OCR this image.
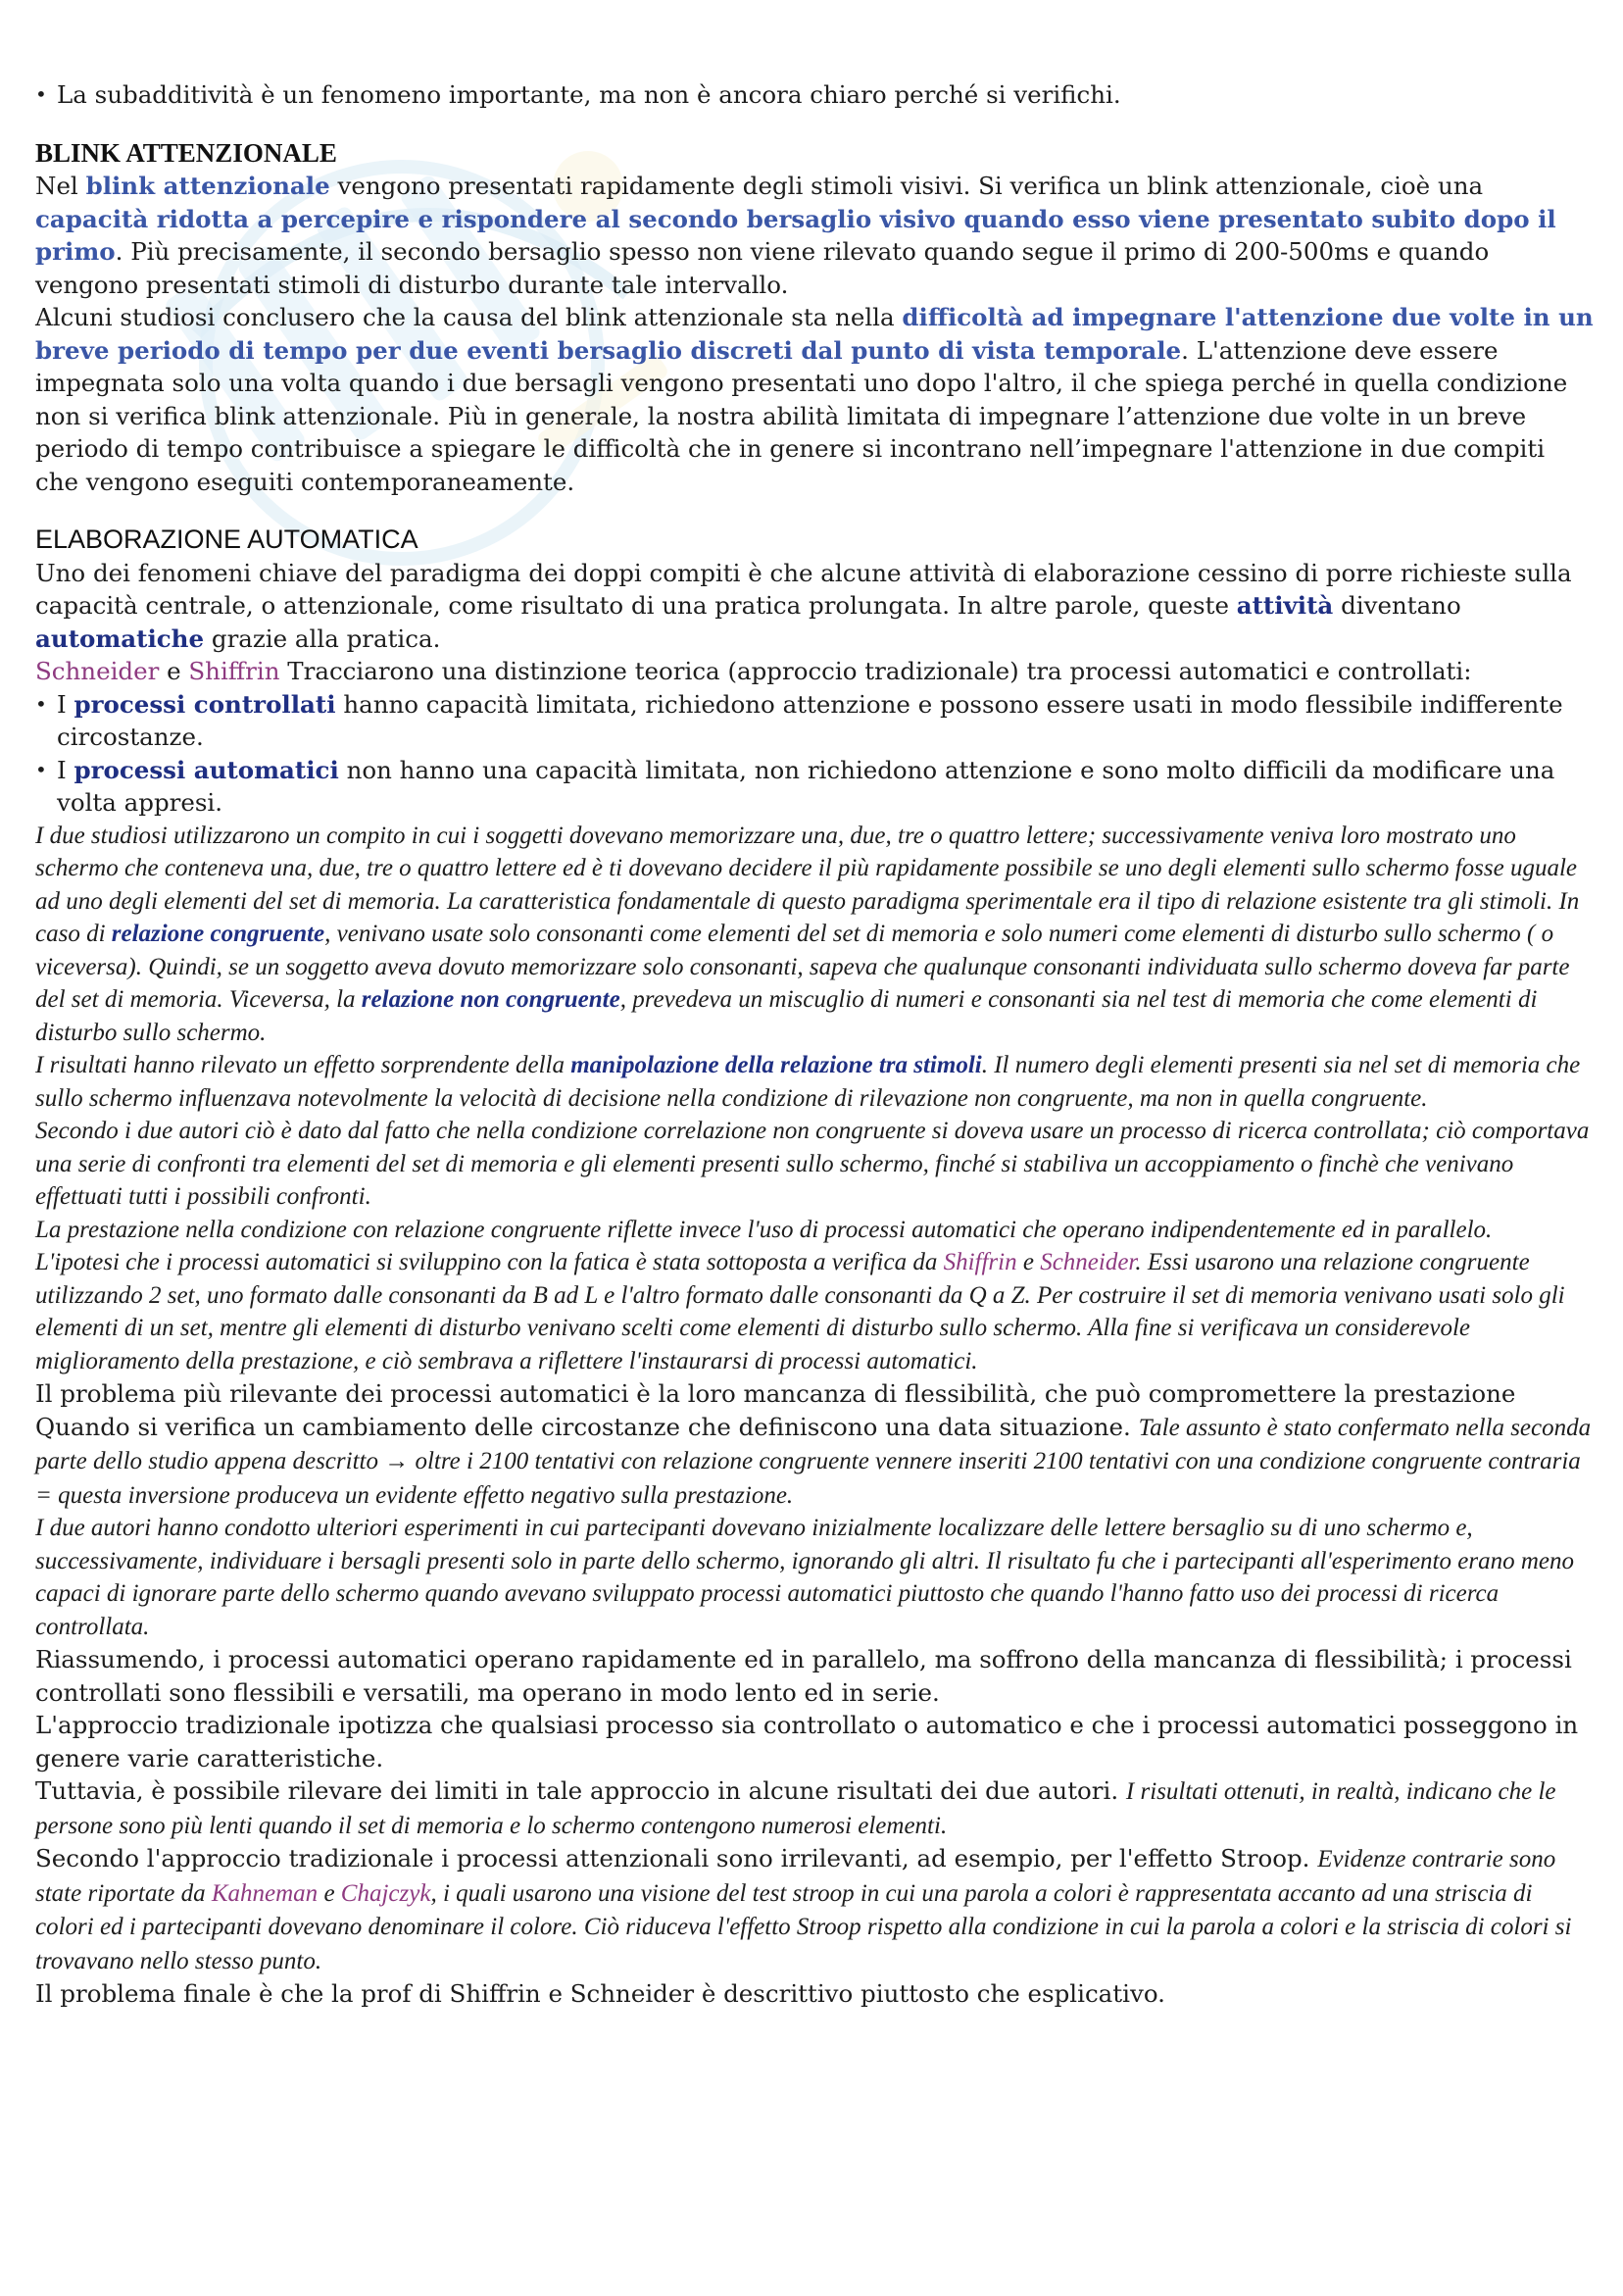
• La subadditività è un fenomeno importante, ma non è ancora chiaro perché si verifichi.
BLINK ATTENZIONALE

Nel blink attenzionale vengono presentati rapidamente degli stimoli visivi. Si verifica un blink attenzionale, cioè una capacità ridotta a percepire e rispondere al secondo bersaglio visivo quando esso viene presentato subito dopo il primo. Più precisamente, il secondo bersaglio spesso non viene rilevato quando segue il primo di 200-500ms e quando vengono presentati stimoli di disturbo durante tale intervallo.

Alcuni studiosi conclusero che la causa del blink attenzionale sta nella difficoltà ad impegnare l'attenzione due volte in un breve periodo di tempo per due eventi bersaglio discreti dal punto di vista temporale. L'attenzione deve essere impegnata solo una volta quando i due bersagli vengono presentati uno dopo l'altro, il che spiega perché in quella condizione non si verifica blink attenzionale. Più in generale, la nostra abilità limitata di impegnare l’attenzione due volte in un breve periodo di tempo contribuisce a spiegare le difficoltà che in genere si incontrano nell’impegnare l'attenzione in due compiti che vengono eseguiti contemporaneamente.

ELABORAZIONE AUTOMATICA

Uno dei fenomeni chiave del paradigma dei doppi compiti è che alcune attività di elaborazione cessino di porre richieste sulla capacità centrale, o attenzionale, come risultato di una pratica prolungata. In altre parole, queste attività diventano automatiche grazie alla pratica.

Schneider e Shiffrin Tracciarono una distinzione teorica (approccio tradizionale) tra processi automatici e controllati:

• I processi controllati hanno capacità limitata, richiedono attenzione e possono essere usati in modo flessibile indifferente circostanze.
• I processi automatici non hanno una capacità limitata, non richiedono attenzione e sono molto difficili da modificare una volta appresi.

I due studiosi utilizzarono un compito in cui i soggetti dovevano memorizzare una, due, tre o quattro lettere; successivamente veniva loro mostrato uno schermo che conteneva una, due, tre o quattro lettere ed è ti dovevano decidere il più rapidamente possibile se uno degli elementi sullo schermo fosse uguale ad uno degli elementi del set di memoria. La caratteristica fondamentale di questo paradigma sperimentale era il tipo di relazione esistente tra gli stimoli. In caso di relazione congruente, venivano usate solo consonanti come elementi del set di memoria e solo numeri come elementi di disturbo sullo schermo ( o viceversa). Quindi, se un soggetto aveva dovuto memorizzare solo consonanti, sapeva che qualunque consonanti individuata sullo schermo doveva far parte del set di memoria. Viceversa, la relazione non congruente, prevedeva un miscuglio di numeri e consonanti sia nel test di memoria che come elementi di disturbo sullo schermo.

I risultati hanno rilevato un effetto sorprendente della manipolazione della relazione tra stimoli. Il numero degli elementi presenti sia nel set di memoria che sullo schermo influenzava notevolmente la velocità di decisione nella condizione di rilevazione non congruente, ma non in quella congruente.

Secondo i due autori ciò è dato dal fatto che nella condizione correlazione non congruente si doveva usare un processo di ricerca controllata; ciò comportava una serie di confronti tra elementi del set di memoria e gli elementi presenti sullo schermo, finché si stabiliva un accoppiamento o finchè che venivano effettuati tutti i possibili confronti.

La prestazione nella condizione con relazione congruente riflette invece l'uso di processi automatici che operano indipendentemente ed in parallelo.

L'ipotesi che i processi automatici si sviluppino con la fatica è stata sottoposta a verifica da Shiffrin e Schneider. Essi usarono una relazione congruente utilizzando 2 set, uno formato dalle consonanti da B ad L e l'altro formato dalle consonanti da Q a Z. Per costruire il set di memoria venivano usati solo gli elementi di un set, mentre gli elementi di disturbo venivano scelti come elementi di disturbo sullo schermo. Alla fine si verificava un considerevole miglioramento della prestazione, e ciò sembrava a riflettere l'instaurarsi di processi automatici.

Il problema più rilevante dei processi automatici è la loro mancanza di flessibilità, che può compromettere la prestazione

Quando si verifica un cambiamento delle circostanze che definiscono una data situazione. Tale assunto è stato confermato nella seconda parte dello studio appena descritto → oltre i 2100 tentativi con relazione congruente vennere inseriti 2100 tentativi con una condizione congruente contraria = questa inversione produceva un evidente effetto negativo sulla prestazione.

I due autori hanno condotto ulteriori esperimenti in cui partecipanti dovevano inizialmente localizzare delle lettere bersaglio su di uno schermo e, successivamente, individuare i bersagli presenti solo in parte dello schermo, ignorando gli altri. Il risultato fu che i partecipanti all'esperimento erano meno capaci di ignorare parte dello schermo quando avevano sviluppato processi automatici piuttosto che quando l'hanno fatto uso dei processi di ricerca controllata.

Riassumendo, i processi automatici operano rapidamente ed in parallelo, ma soffrono della mancanza di flessibilità; i processi controllati sono flessibili e versatili, ma operano in modo lento ed in serie.

L'approccio tradizionale ipotizza che qualsiasi processo sia controllato o automatico e che i processi automatici posseggono in genere varie caratteristiche.

Tuttavia, è possibile rilevare dei limiti in tale approccio in alcune risultati dei due autori. I risultati ottenuti, in realtà, indicano che le persone sono più lenti quando il set di memoria e lo schermo contengono numerosi elementi.

Secondo l'approccio tradizionale i processi attenzionali sono irrilevanti, ad esempio, per l'effetto Stroop. Evidenze contrarie sono state riportate da Kahneman e Chajczyk, i quali usarono una visione del test stroop in cui una parola a colori è rappresentata accanto ad una striscia di colori ed i partecipanti dovevano denominare il colore. Ciò riduceva l'effetto Stroop rispetto alla condizione in cui la parola a colori e la striscia di colori si trovavano nello stesso punto.

Il problema finale è che la prof di Shiffrin e Schneider è descrittivo piuttosto che esplicativo.
